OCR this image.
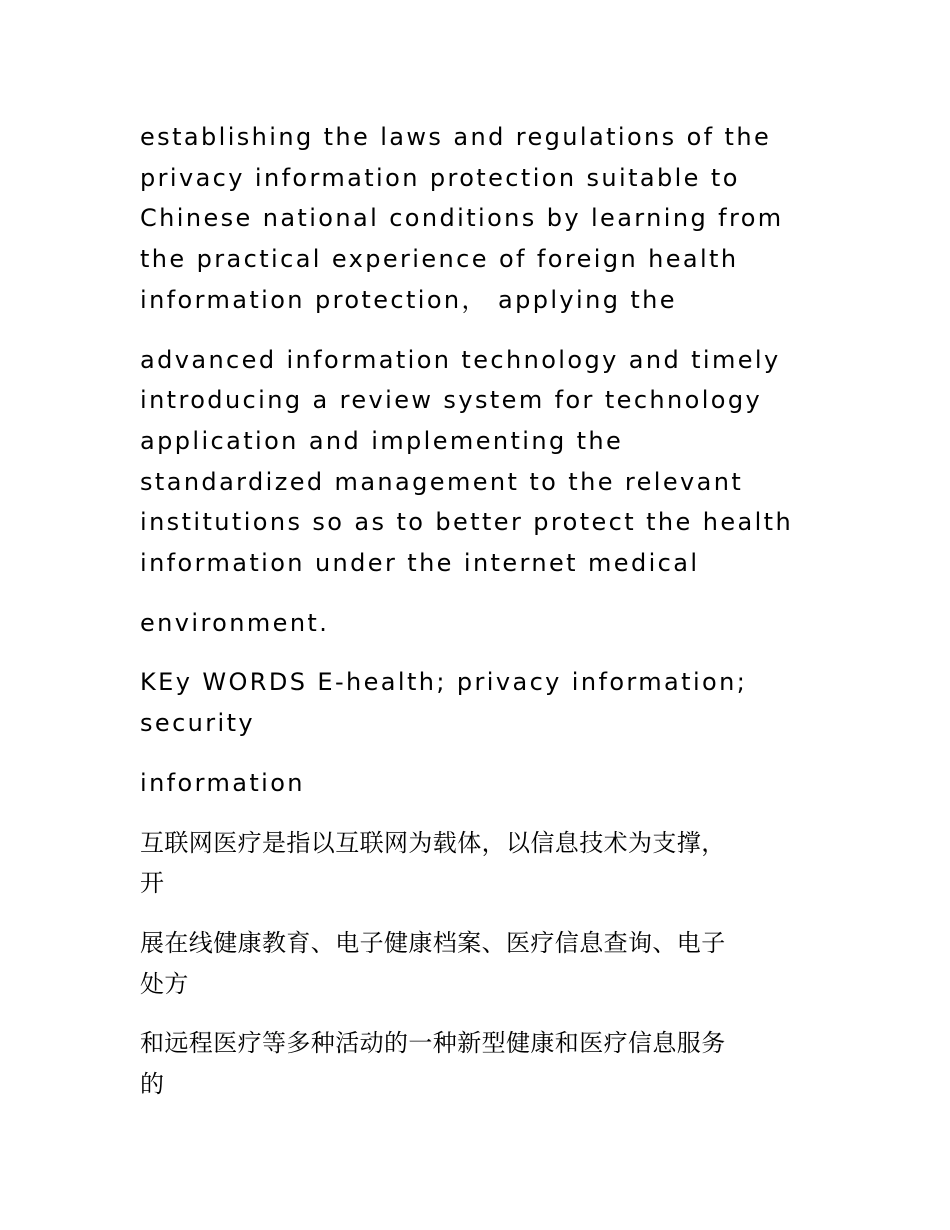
establishing the laws and regulations of the
privacy information protection suitable to
Chinese national conditions by learning from
the practical experience of foreign health
information protection， applying the

advanced information technology and timely
introducing a review system for technology
application and implementing the
standardized management to the relevant
institutions so as to better protect the health
information under the internet medical

environment.

KEy WORDS E-health; privacy information;
security

information

互联网医疗是指以互联网为载体，以信息技术为支撑，
开

展在线健康教育、电子健康档案、医疗信息查询、电子
处方

和远程医疗等多种活动的一种新型健康和医疗信息服务
的
